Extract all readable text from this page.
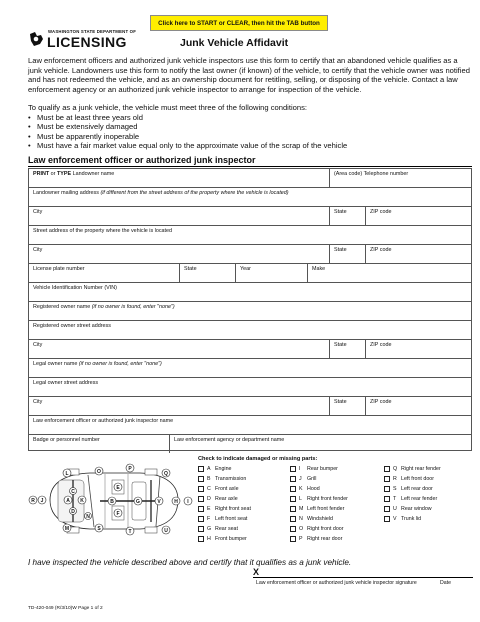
Click here to START or CLEAR, then hit the TAB button
WASHINGTON STATE DEPARTMENT OF
LICENSING	Junk Vehicle Affidavit
Law enforcement officers and authorized junk vehicle inspectors use this form to certify that an abandoned vehicle qualifies as a junk vehicle. Landowners use this form to notify the last owner (if known) of the vehicle, to certify that the vehicle owner was notified and has not redeemed the vehicle, and as an ownership document for retitling, selling, or disposing of the vehicle. Contact a law enforcement agency or an authorized junk vehicle inspector to arrange for inspection of the vehicle.
To qualify as a junk vehicle, the vehicle must meet three of the following conditions:
• Must be at least three years old
• Must be extensively damaged
• Must be apparently inoperable
• Must have a fair market value equal only to the approximate value of the scrap of the vehicle
Law enforcement officer or authorized junk inspector
PRINT or TYPE Landowner name	(Area code) Telephone number
Landowner mailing address (if different from the street address of the property where the vehicle is located)
City	State	ZIP code
Street address of the property where the vehicle is located
City	State	ZIP code
License plate number	State	Year	Make
Vehicle Identification Number (VIN)
Registered owner name (if no owner is found, enter "none")
Registered owner street address
City	State	ZIP code
Legal owner name (if no owner is found, enter "none")
Legal owner street address
City	State	ZIP code
Law enforcement officer or authorized junk inspector name
Badge or personnel number	Law enforcement agency or department name
R J	K
A	B
C
D
E
F
G	H
L
M
N
O	P
Q
S	T	U
V	I
Check to indicate damaged or missing parts:
A Engine
B Transmission
C Front axle
D Rear axle
E Right front seat
F Left front seat
G Rear seat
H Front bumper
I Rear bumper
J Grill
K Hood
L Right front fender
M Left front fender
N Windshield
O Right front door
P Right rear door
Q Right rear fender
R Left front door
S Left rear door
T Left rear fender
U Rear window
V Trunk lid
I have inspected the vehicle described above and certify that it qualifies as a junk vehicle.
X
Law enforcement officer or authorized junk vehicle inspector signature	Date
TD-420-049 (R/3/10)W Page 1 of 2
